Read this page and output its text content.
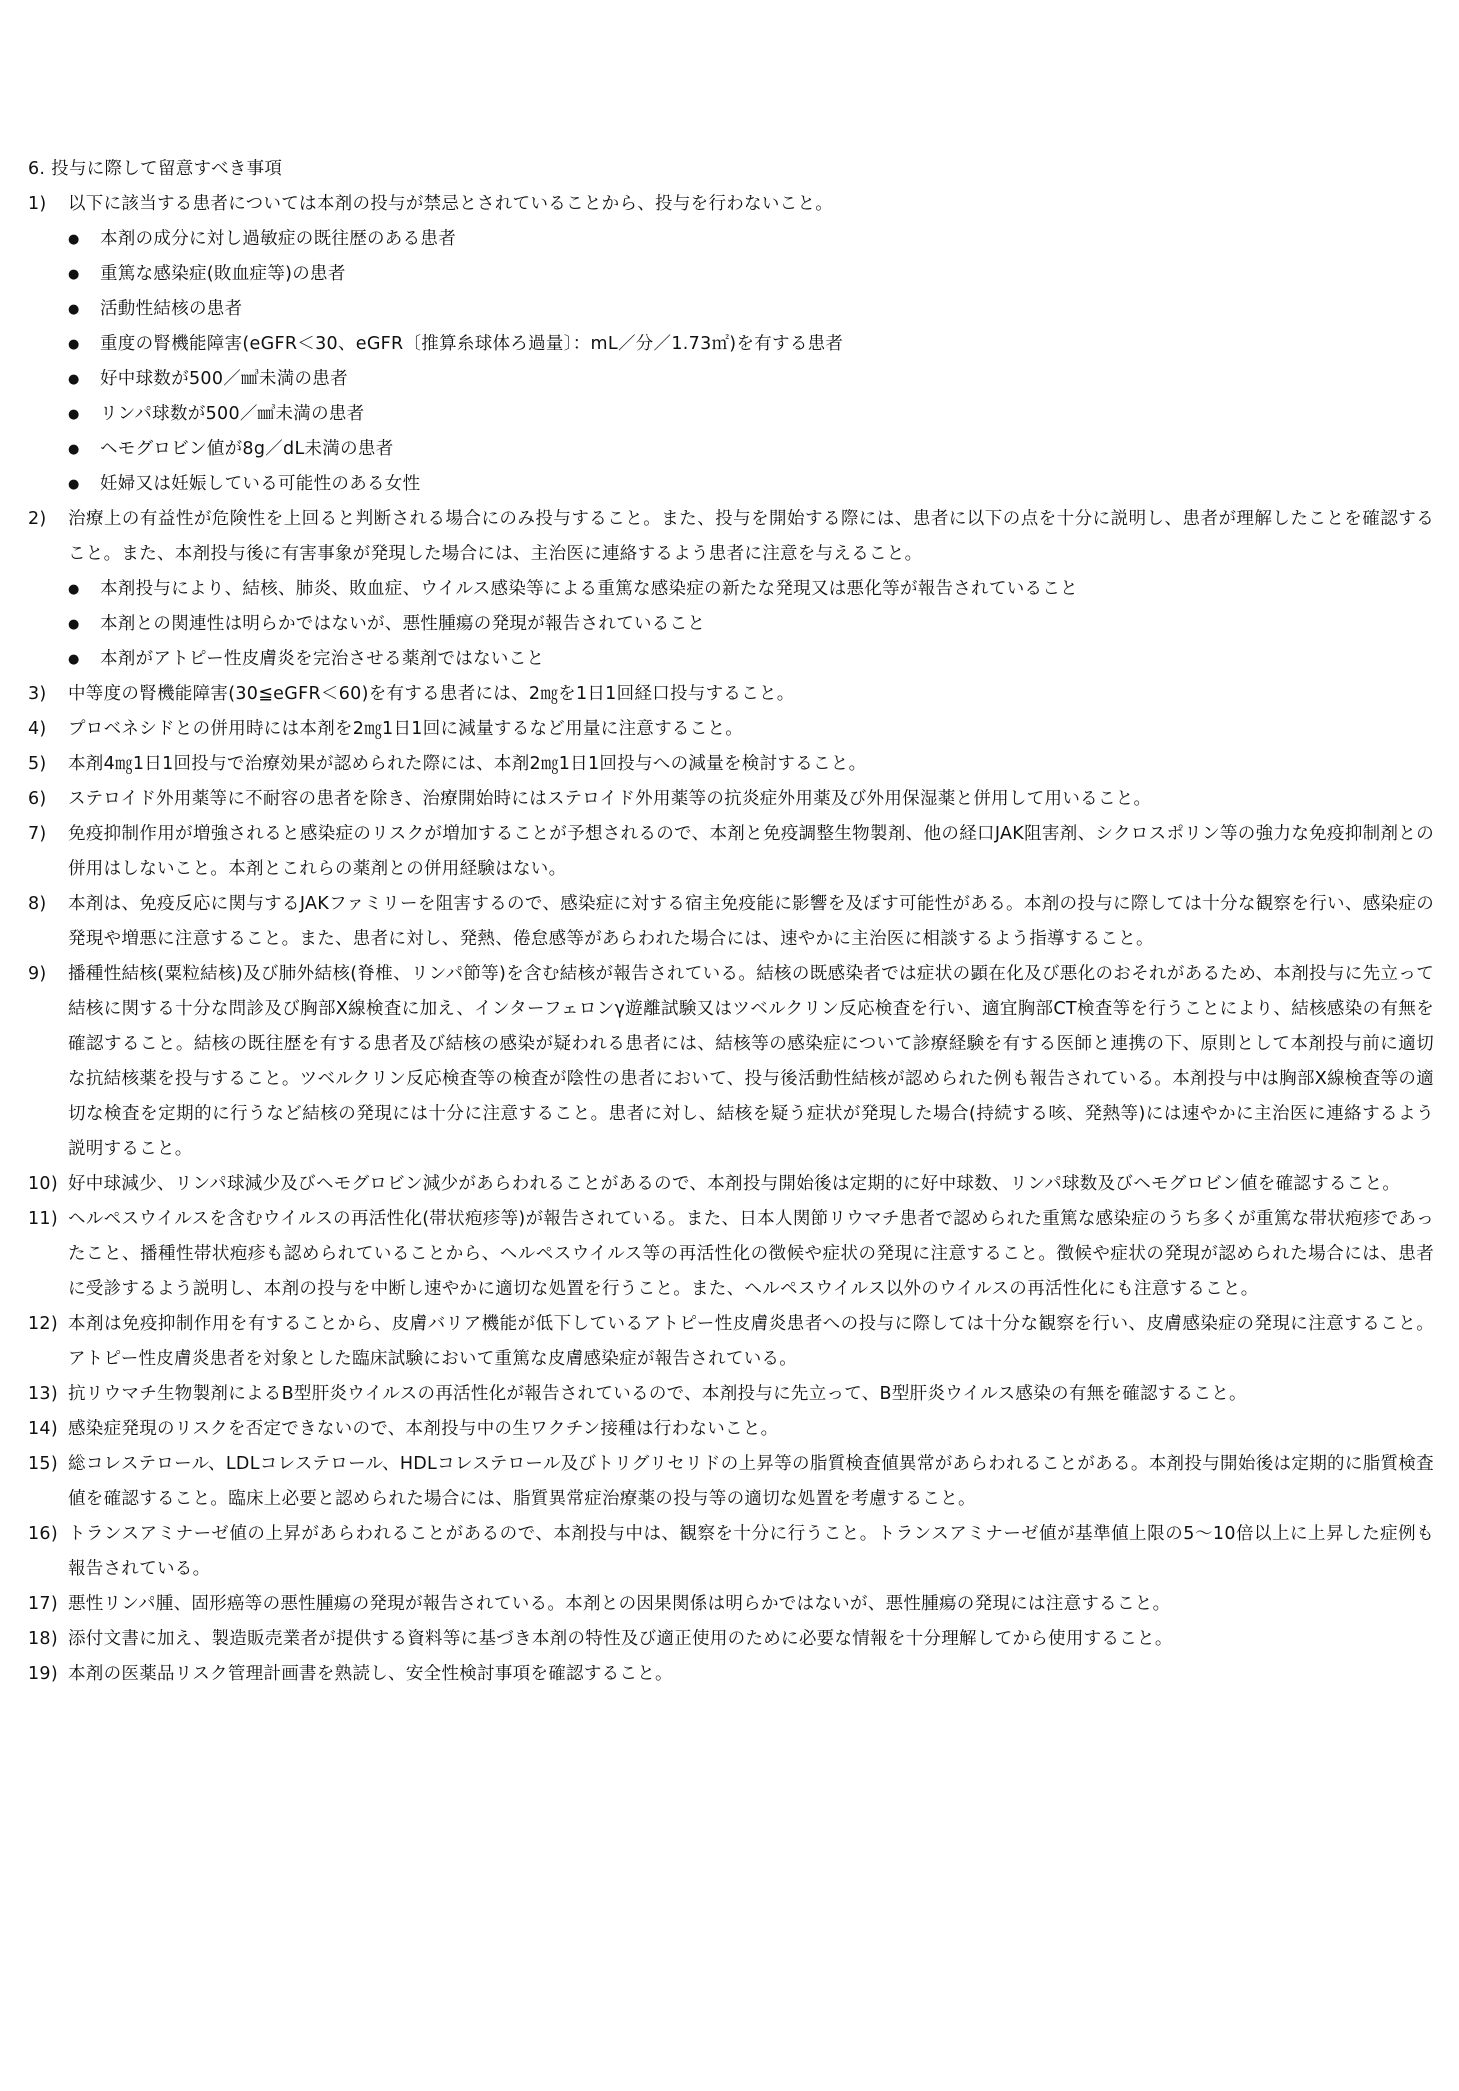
6. 投与に際して留意すべき事項
1)	以下に該当する患者については本剤の投与が禁忌とされていることから、投与を行わないこと。
●	本剤の成分に対し過敏症の既往歴のある患者
●	重篤な感染症(敗血症等)の患者
●	活動性結核の患者
●	重度の腎機能障害(eGFR＜30、eGFR〔推算糸球体ろ過量〕：mL／分／1.73㎡)を有する患者
●	好中球数が500／㎣未満の患者
●	リンパ球数が500／㎣未満の患者
●	ヘモグロビン値が8g／dL未満の患者
●	妊婦又は妊娠している可能性のある女性
2)	治療上の有益性が危険性を上回ると判断される場合にのみ投与すること。また、投与を開始する際には、患者に以下の点を十分に説明し、患者が理解したことを確認すること。また、本剤投与後に有害事象が発現した場合には、主治医に連絡するよう患者に注意を与えること。
●	本剤投与により、結核、肺炎、敗血症、ウイルス感染等による重篤な感染症の新たな発現又は悪化等が報告されていること
●	本剤との関連性は明らかではないが、悪性腫瘍の発現が報告されていること
●	本剤がアトピー性皮膚炎を完治させる薬剤ではないこと
3)	中等度の腎機能障害(30≦eGFR＜60)を有する患者には、2㎎を1日1回経口投与すること。
4)	プロベネシドとの併用時には本剤を2㎎1日1回に減量するなど用量に注意すること。
5)	本剤4㎎1日1回投与で治療効果が認められた際には、本剤2㎎1日1回投与への減量を検討すること。
6)	ステロイド外用薬等に不耐容の患者を除き、治療開始時にはステロイド外用薬等の抗炎症外用薬及び外用保湿薬と併用して用いること。
7)	免疫抑制作用が増強されると感染症のリスクが増加することが予想されるので、本剤と免疫調整生物製剤、他の経口JAK阻害剤、シクロスポリン等の強力な免疫抑制剤との併用はしないこと。本剤とこれらの薬剤との併用経験はない。
8)	本剤は、免疫反応に関与するJAKファミリーを阻害するので、感染症に対する宿主免疫能に影響を及ぼす可能性がある。本剤の投与に際しては十分な観察を行い、感染症の発現や増悪に注意すること。また、患者に対し、発熱、倦怠感等があらわれた場合には、速やかに主治医に相談するよう指導すること。
9)	播種性結核(粟粒結核)及び肺外結核(脊椎、リンパ節等)を含む結核が報告されている。結核の既感染者では症状の顕在化及び悪化のおそれがあるため、本剤投与に先立って結核に関する十分な問診及び胸部X線検査に加え、インターフェロンγ遊離試験又はツベルクリン反応検査を行い、適宜胸部CT検査等を行うことにより、結核感染の有無を確認すること。結核の既往歴を有する患者及び結核の感染が疑われる患者には、結核等の感染症について診療経験を有する医師と連携の下、原則として本剤投与前に適切な抗結核薬を投与すること。ツベルクリン反応検査等の検査が陰性の患者において、投与後活動性結核が認められた例も報告されている。本剤投与中は胸部X線検査等の適切な検査を定期的に行うなど結核の発現には十分に注意すること。患者に対し、結核を疑う症状が発現した場合(持続する咳、発熱等)には速やかに主治医に連絡するよう説明すること。
10) 好中球減少、リンパ球減少及びヘモグロビン減少があらわれることがあるので、本剤投与開始後は定期的に好中球数、リンパ球数及びヘモグロビン値を確認すること。
11) ヘルペスウイルスを含むウイルスの再活性化(帯状疱疹等)が報告されている。また、日本人関節リウマチ患者で認められた重篤な感染症のうち多くが重篤な帯状疱疹であったこと、播種性帯状疱疹も認められていることから、ヘルペスウイルス等の再活性化の徴候や症状の発現に注意すること。徴候や症状の発現が認められた場合には、患者に受診するよう説明し、本剤の投与を中断し速やかに適切な処置を行うこと。また、ヘルペスウイルス以外のウイルスの再活性化にも注意すること。
12) 本剤は免疫抑制作用を有することから、皮膚バリア機能が低下しているアトピー性皮膚炎患者への投与に際しては十分な観察を行い、皮膚感染症の発現に注意すること。アトピー性皮膚炎患者を対象とした臨床試験において重篤な皮膚感染症が報告されている。
13) 抗リウマチ生物製剤によるB型肝炎ウイルスの再活性化が報告されているので、本剤投与に先立って、B型肝炎ウイルス感染の有無を確認すること。
14) 感染症発現のリスクを否定できないので、本剤投与中の生ワクチン接種は行わないこと。
15) 総コレステロール、LDLコレステロール、HDLコレステロール及びトリグリセリドの上昇等の脂質検査値異常があらわれることがある。本剤投与開始後は定期的に脂質検査値を確認すること。臨床上必要と認められた場合には、脂質異常症治療薬の投与等の適切な処置を考慮すること。
16) トランスアミナーゼ値の上昇があらわれることがあるので、本剤投与中は、観察を十分に行うこと。トランスアミナーゼ値が基準値上限の5～10倍以上に上昇した症例も報告されている。
17) 悪性リンパ腫、固形癌等の悪性腫瘍の発現が報告されている。本剤との因果関係は明らかではないが、悪性腫瘍の発現には注意すること。
18) 添付文書に加え、製造販売業者が提供する資料等に基づき本剤の特性及び適正使用のために必要な情報を十分理解してから使用すること。
19) 本剤の医薬品リスク管理計画書を熟読し、安全性検討事項を確認すること。
